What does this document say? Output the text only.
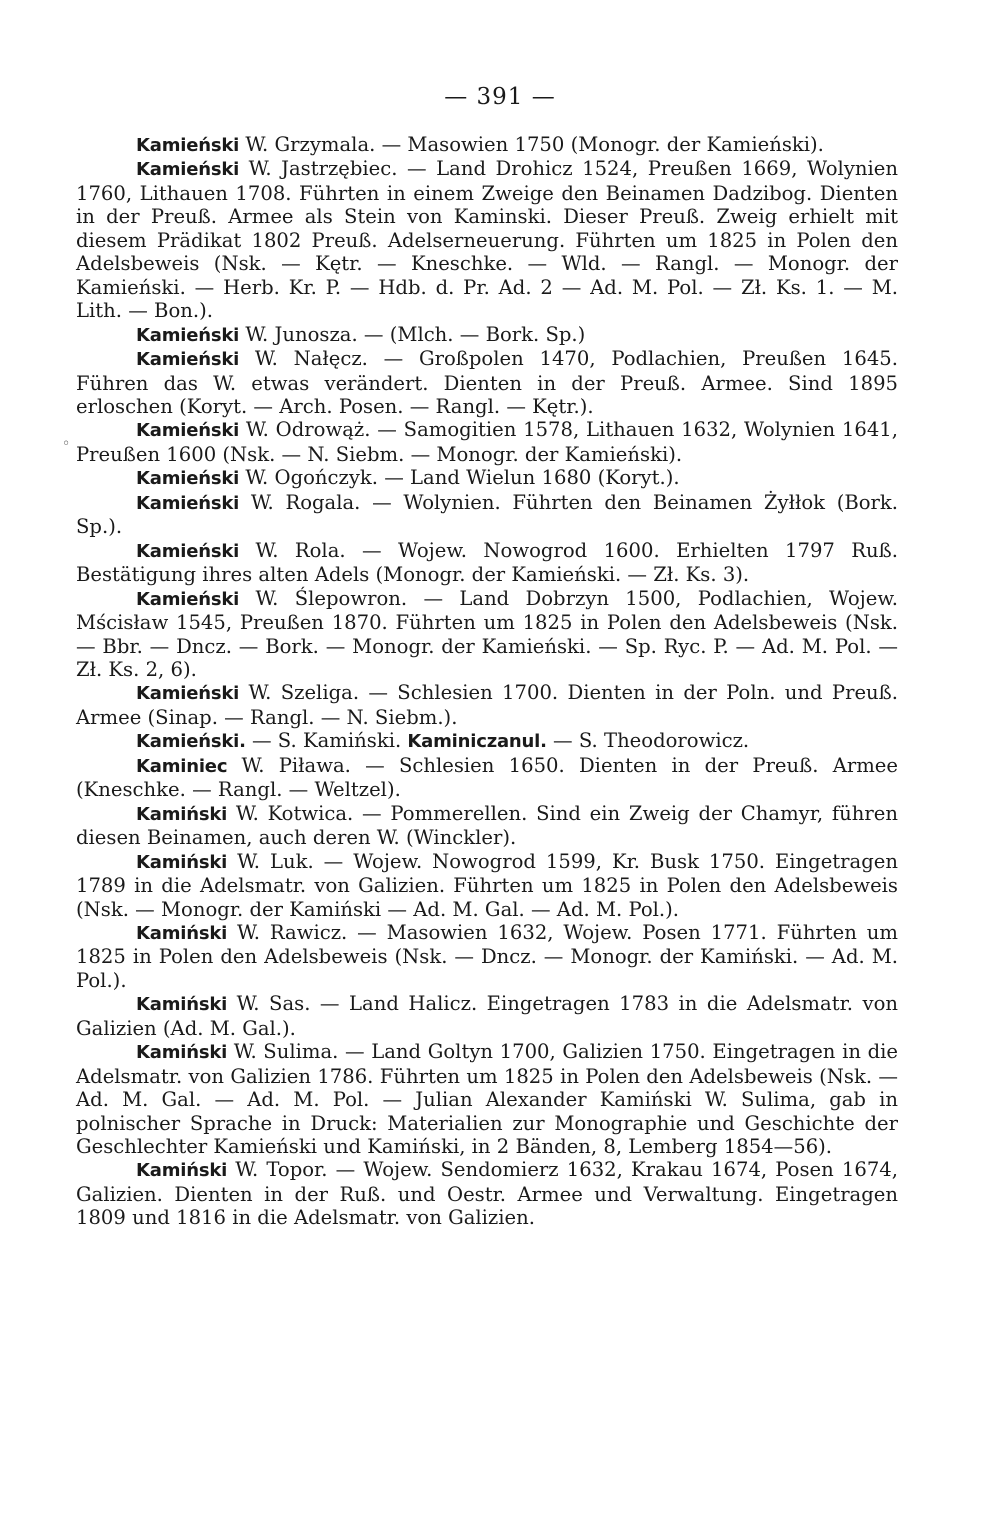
— 391 —
◦

Kamieński W. Grzymala. — Masowien 1750 (Monogr. der Kamieński).

Kamieński W. Jastrzębiec. — Land Drohicz 1524, Preußen 1669, Wolynien 1760, Lithauen 1708. Führten in einem Zweige den Beinamen Dadzibog. Dienten in der Preuß. Armee als Stein von Kaminski. Dieser Preuß. Zweig erhielt mit diesem Prädikat 1802 Preuß. Adelserneuerung. Führten um 1825 in Polen den Adelsbeweis (Nsk. — Kętr. — Kneschke. — Wld. — Rangl. — Monogr. der Kamieński. — Herb. Kr. P. — Hdb. d. Pr. Ad. 2 — Ad. M. Pol. — Zł. Ks. 1. — M. Lith. — Bon.).

Kamieński W. Junosza. — (Mlch. — Bork. Sp.)

Kamieński W. Nałęcz. — Großpolen 1470, Podlachien, Preußen 1645. Führen das W. etwas verändert. Dienten in der Preuß. Armee. Sind 1895 erloschen (Koryt. — Arch. Posen. — Rangl. — Kętr.).

Kamieński W. Odrowąż. — Samogitien 1578, Lithauen 1632, Wolynien 1641, Preußen 1600 (Nsk. — N. Siebm. — Monogr. der Kamieński).

Kamieński W. Ogończyk. — Land Wielun 1680 (Koryt.).

Kamieński W. Rogala. — Wolynien. Führten den Beinamen Żyłłok (Bork. Sp.).

Kamieński W. Rola. — Wojew. Nowogrod 1600. Erhielten 1797 Ruß. Bestätigung ihres alten Adels (Monogr. der Kamieński. — Zł. Ks. 3).

Kamieński W. Ślepowron. — Land Dobrzyn 1500, Podlachien, Wojew. Mścisław 1545, Preußen 1870. Führten um 1825 in Polen den Adelsbeweis (Nsk. — Bbr. — Dncz. — Bork. — Monogr. der Kamieński. — Sp. Ryc. P. — Ad. M. Pol. — Zł. Ks. 2, 6).

Kamieński W. Szeliga. — Schlesien 1700. Dienten in der Poln. und Preuß. Armee (Sinap. — Rangl. — N. Siebm.).

Kamieński. — S. Kamiński. Kaminiczanul. — S. Theodorowicz.

Kaminiec W. Piława. — Schlesien 1650. Dienten in der Preuß. Armee (Kneschke. — Rangl. — Weltzel).

Kamiński W. Kotwica. — Pommerellen. Sind ein Zweig der Chamyr, führen diesen Beinamen, auch deren W. (Winckler).

Kamiński W. Luk. — Wojew. Nowogrod 1599, Kr. Busk 1750. Eingetragen 1789 in die Adelsmatr. von Galizien. Führten um 1825 in Polen den Adelsbeweis (Nsk. — Monogr. der Kamiński — Ad. M. Gal. — Ad. M. Pol.).

Kamiński W. Rawicz. — Masowien 1632, Wojew. Posen 1771. Führten um 1825 in Polen den Adelsbeweis (Nsk. — Dncz. — Monogr. der Kamiński. — Ad. M. Pol.).

Kamiński W. Sas. — Land Halicz. Eingetragen 1783 in die Adelsmatr. von Galizien (Ad. M. Gal.).

Kamiński W. Sulima. — Land Goltyn 1700, Galizien 1750. Eingetragen in die Adelsmatr. von Galizien 1786. Führten um 1825 in Polen den Adelsbeweis (Nsk. — Ad. M. Gal. — Ad. M. Pol. — Julian Alexander Kamiński W. Sulima, gab in polnischer Sprache in Druck: Materialien zur Monographie und Geschichte der Geschlechter Kamieński und Kamiński, in 2 Bänden, 8, Lemberg 1854—56).

Kamiński W. Topor. — Wojew. Sendomierz 1632, Krakau 1674, Posen 1674, Galizien. Dienten in der Ruß. und Oestr. Armee und Verwaltung. Eingetragen 1809 und 1816 in die Adelsmatr. von Galizien.
